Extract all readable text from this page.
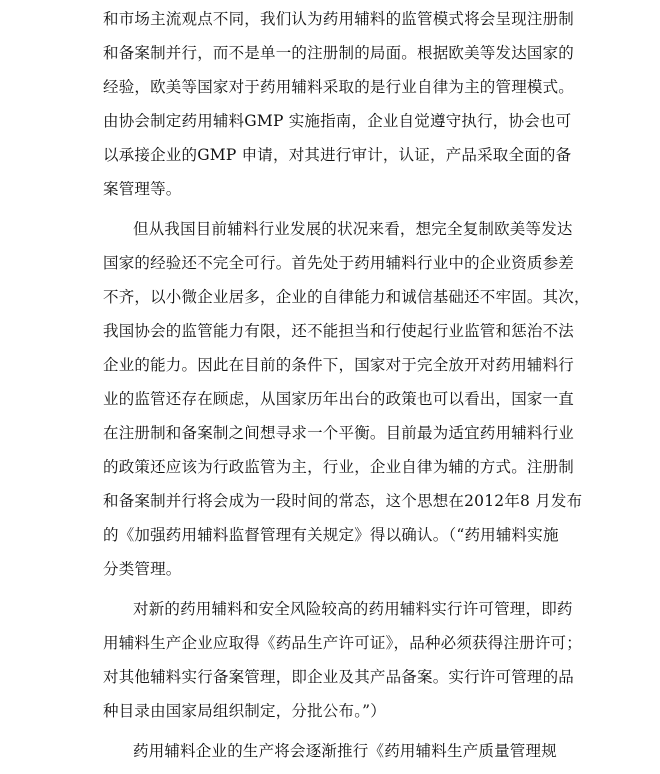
和市场主流观点不同，我们认为药用辅料的监管模式将会呈现注册制
和备案制并行，而不是单一的注册制的局面。根据欧美等发达国家的
经验，欧美等国家对于药用辅料采取的是行业自律为主的管理模式。
由协会制定药用辅料GMP 实施指南，企业自觉遵守执行，协会也可
以承接企业的GMP 申请，对其进行审计，认证，产品采取全面的备
案管理等。
但从我国目前辅料行业发展的状况来看，想完全复制欧美等发达
国家的经验还不完全可行。首先处于药用辅料行业中的企业资质参差
不齐，以小微企业居多，企业的自律能力和诚信基础还不牢固。其次，
我国协会的监管能力有限，还不能担当和行使起行业监管和惩治不法
企业的能力。因此在目前的条件下，国家对于完全放开对药用辅料行
业的监管还存在顾虑，从国家历年出台的政策也可以看出，国家一直
在注册制和备案制之间想寻求一个平衡。目前最为适宜药用辅料行业
的政策还应该为行政监管为主，行业，企业自律为辅的方式。注册制
和备案制并行将会成为一段时间的常态，这个思想在2012年8 月发布
的《加强药用辅料监督管理有关规定》得以确认。（“药用辅料实施
分类管理。
对新的药用辅料和安全风险较高的药用辅料实行许可管理，即药
用辅料生产企业应取得《药品生产许可证》，品种必须获得注册许可；
对其他辅料实行备案管理，即企业及其产品备案。实行许可管理的品
种目录由国家局组织制定，分批公布。”）
药用辅料企业的生产将会逐渐推行《药用辅料生产质量管理规
